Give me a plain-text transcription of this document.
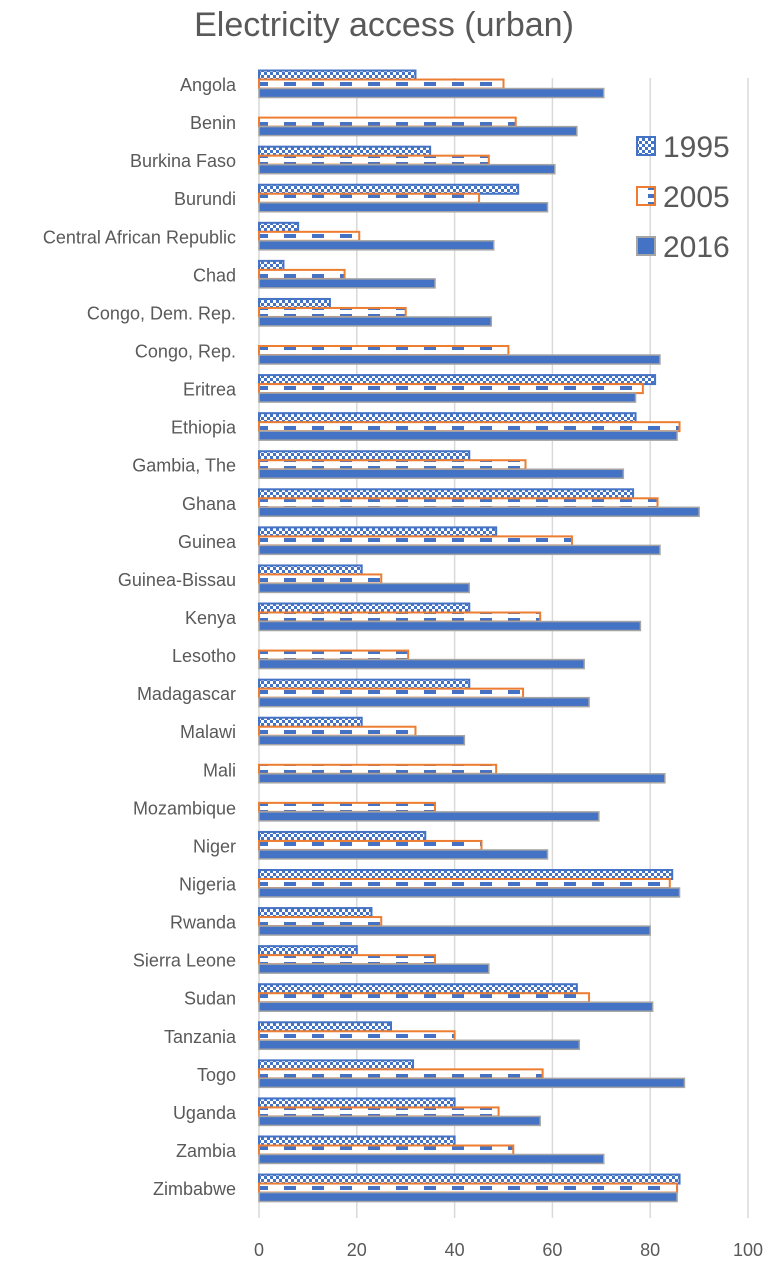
Electricity access (urban)
Angola
Benin
Burkina Faso
Burundi
Central African Republic
Chad
Congo, Dem. Rep.
Congo, Rep.
Eritrea
Ethiopia
Gambia, The
Ghana
Guinea
Guinea-Bissau
Kenya
Lesotho
Madagascar
Malawi
Mali
Mozambique
Niger
Nigeria
Rwanda
Sierra Leone
Sudan
Tanzania
Togo
Uganda
Zambia
Zimbabwe
0	20	40	60	80	100
1995
2005
2016
